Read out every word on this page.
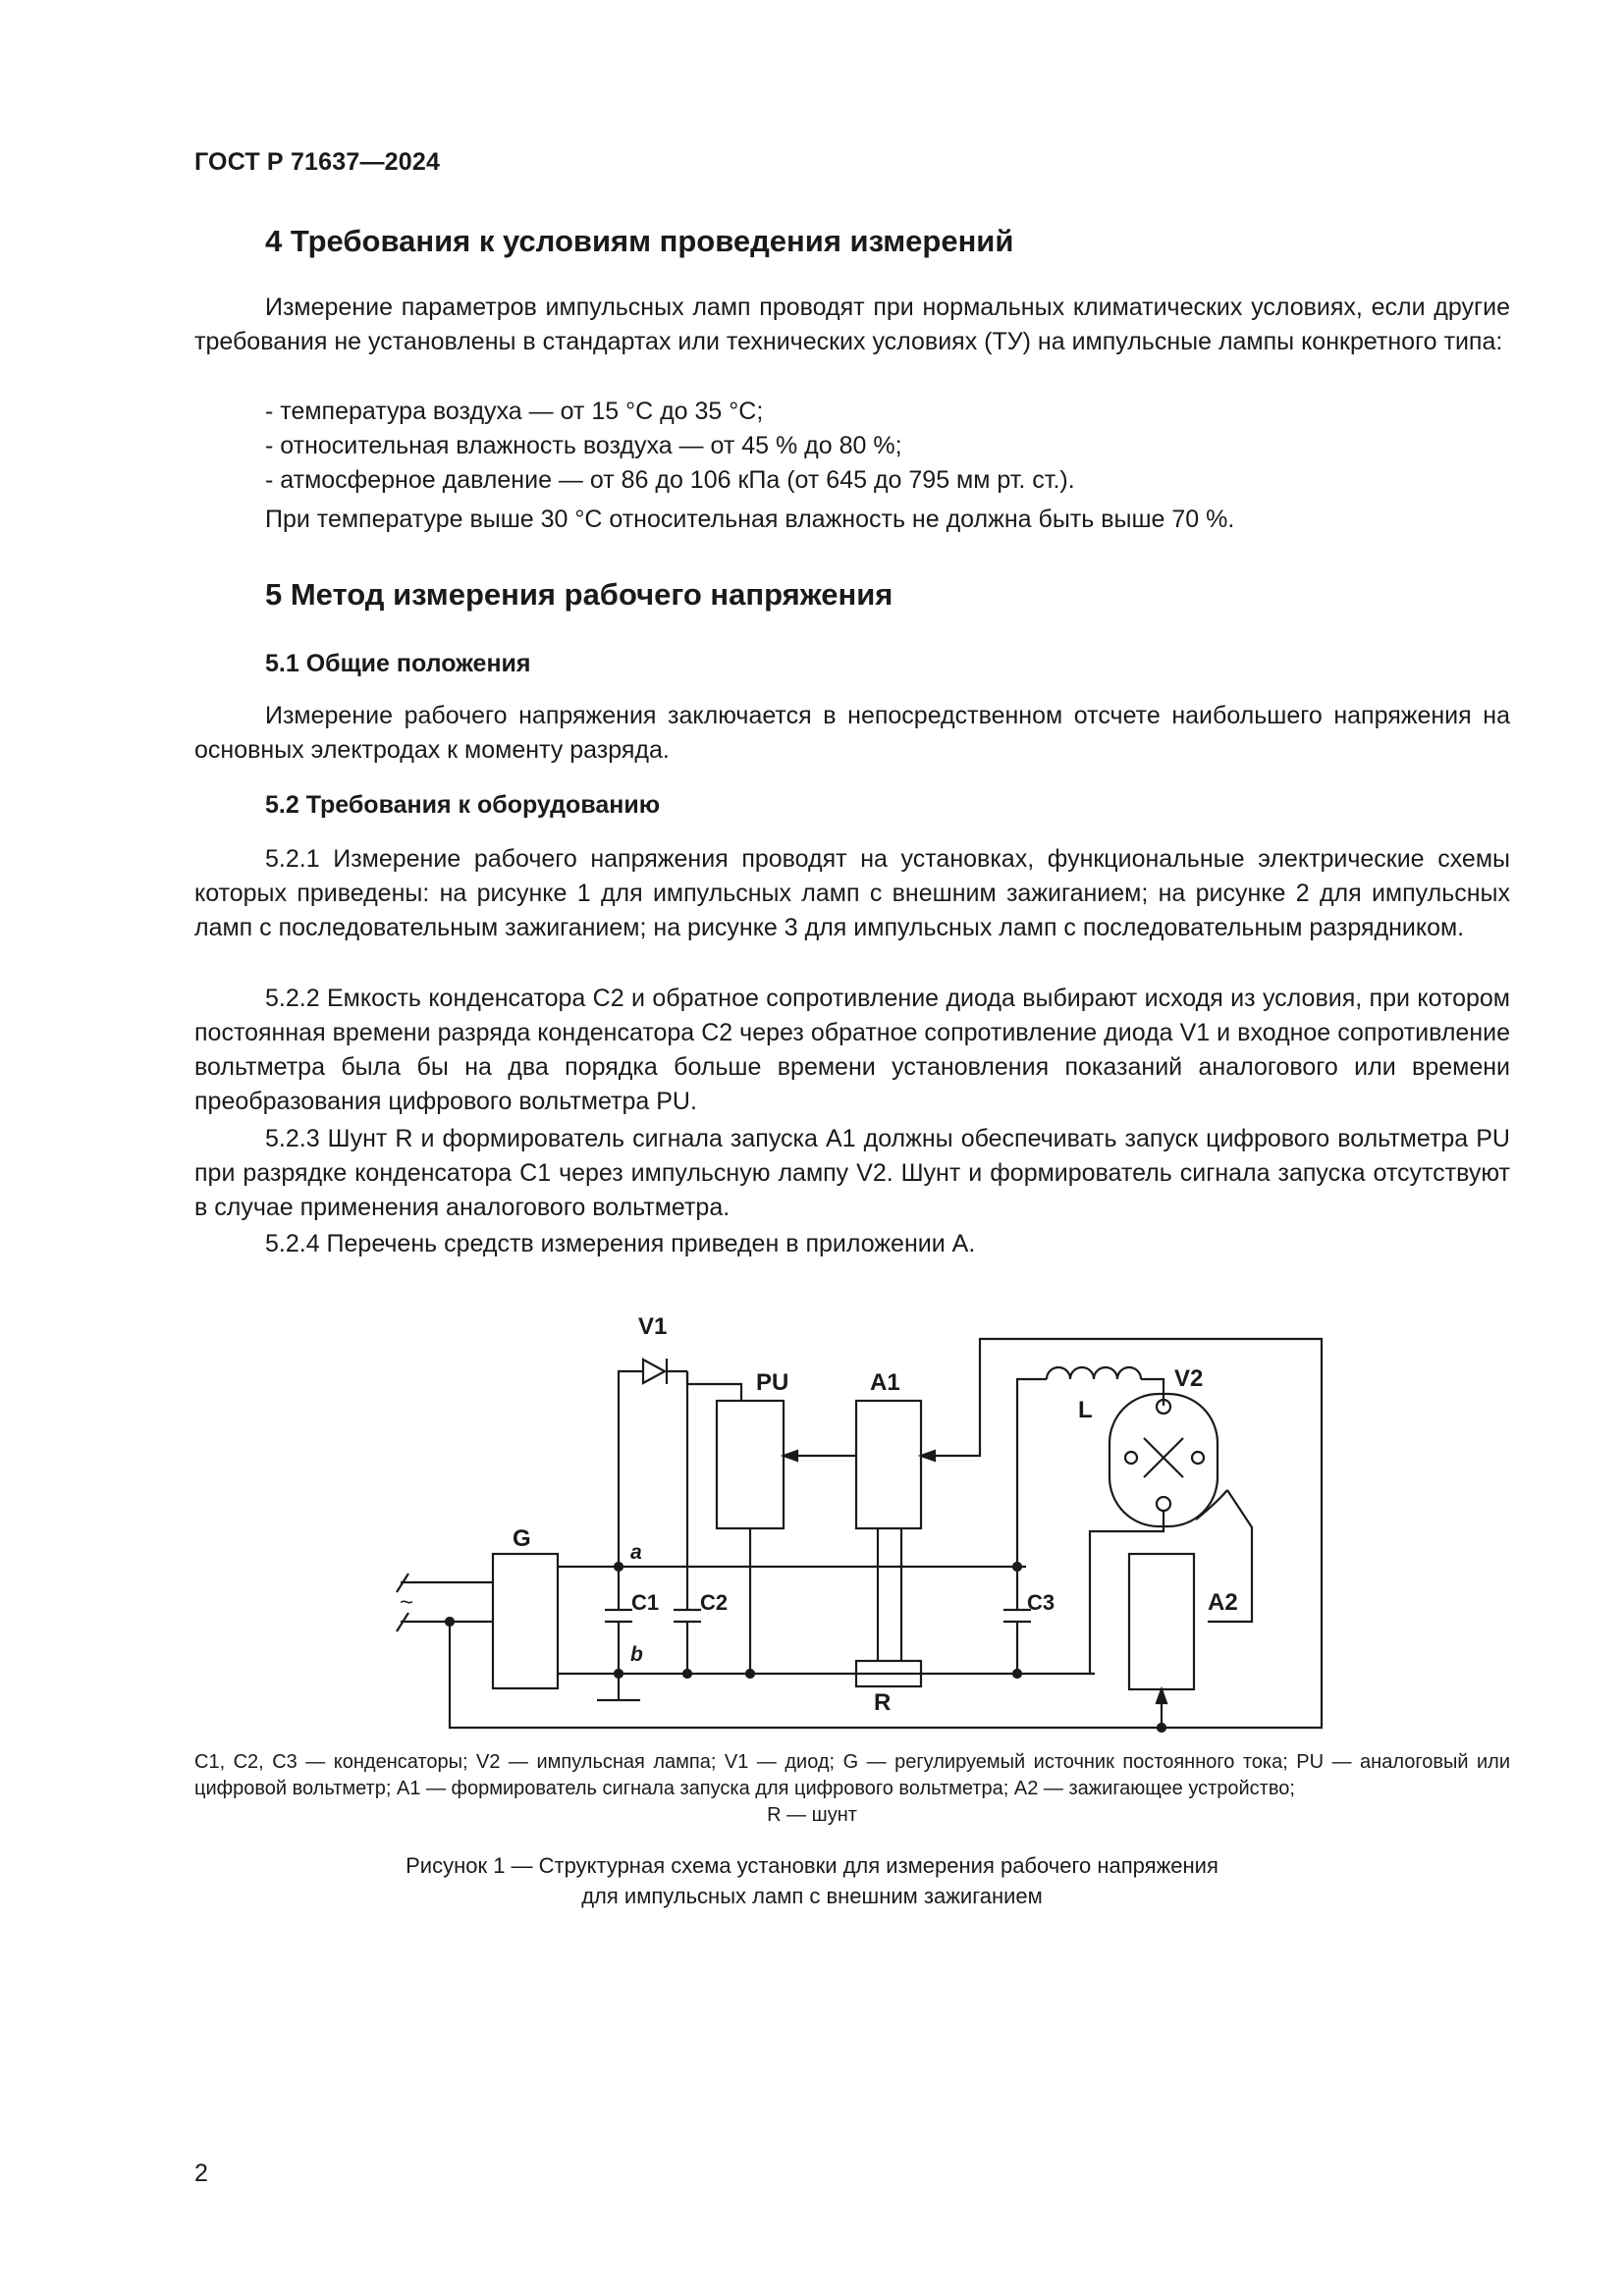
ГОСТ Р 71637—2024
4 Требования к условиям проведения измерений

Измерение параметров импульсных ламп проводят при нормальных климатических условиях, если другие требования не установлены в стандартах или технических условиях (ТУ) на импульсные лампы конкретного типа:

- температура воздуха — от 15 °С до 35 °С;

- относительная влажность воздуха — от 45 % до 80 %;

- атмосферное давление — от 86 до 106 кПа (от 645 до 795 мм рт. ст.).

При температуре выше 30 °С относительная влажность не должна быть выше 70 %.

5 Метод измерения рабочего напряжения
5.1 Общие положения

Измерение рабочего напряжения заключается в непосредственном отсчете наибольшего напряжения на основных электродах к моменту разряда.

5.2 Требования к оборудованию

5.2.1 Измерение рабочего напряжения проводят на установках, функциональные электрические схемы которых приведены: на рисунке 1 для импульсных ламп с внешним зажиганием; на рисунке 2 для импульсных ламп с последовательным зажиганием; на рисунке 3 для импульсных ламп с последовательным разрядником.

5.2.2 Емкость конденсатора С2 и обратное сопротивление диода выбирают исходя из условия, при котором постоянная времени разряда конденсатора С2 через обратное сопротивление диода V1 и входное сопротивление вольтметра была бы на два порядка больше времени установления показаний аналогового или времени преобразования цифрового вольтметра PU.

5.2.3 Шунт R и формирователь сигнала запуска А1 должны обеспечивать запуск цифрового вольтметра PU при разрядке конденсатора С1 через импульсную лампу V2. Шунт и формирователь сигнала запуска отсутствуют в случае применения аналогового вольтметра.

5.2.4 Перечень средств измерения приведен в приложении А.

~
G
a
b
C1
V1
C2
PU	A1
R
C3
L
V2
A2

С1, С2, С3 — конденсаторы; V2 — импульсная лампа; V1 — диод; G — регулируемый источник постоянного тока; PU — аналоговый или цифровой вольтметр; А1 — формирователь сигнала запуска для цифрового вольтметра; А2 — зажигающее устройство;

R — шунт
Рисунок 1 — Структурная схема установки для измерения рабочего напряжения
для импульсных ламп с внешним зажиганием
2
